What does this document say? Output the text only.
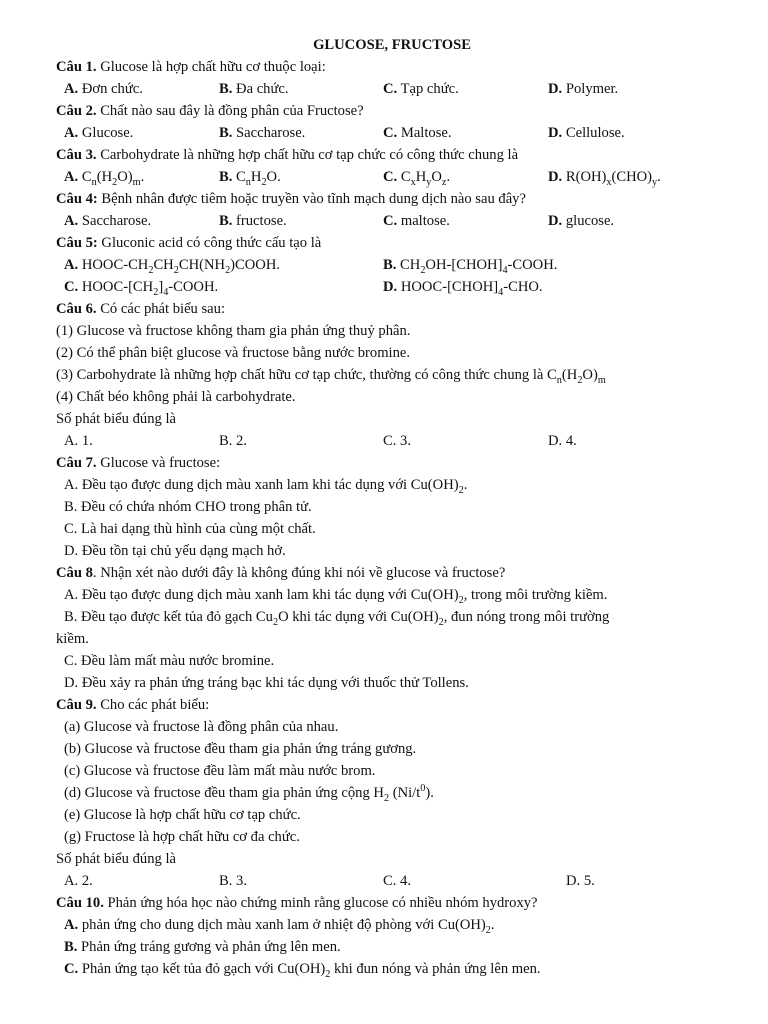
GLUCOSE, FRUCTOSE
Câu 1. Glucose là hợp chất hữu cơ thuộc loại:
A. Đơn chức.	B. Đa chức.	C. Tạp chức.	D. Polymer.
Câu 2. Chất nào sau đây là đồng phân của Fructose?
A. Glucose.	B. Saccharose.	C. Maltose.	D. Cellulose.
Câu 3. Carbohydrate là những hợp chất hữu cơ tạp chức có công thức chung là
A. $C_n(H_2O)_m$.	B. $C_nH_2O$.	C. $C_xH_yO_z$.	D. $R(OH)_x(CHO)_y$.
Câu 4: Bệnh nhân được tiêm hoặc truyền vào tĩnh mạch dung dịch nào sau đây?
A. Saccharose.	B. fructose.	C. maltose.	D. glucose.
Câu 5: Gluconic acid có công thức cấu tạo là
A. HOOC-$CH_2CH_2CH(NH_2)COOH$.	B. $CH_2OH-[CHOH]_4$-COOH.
C. HOOC-$[CH_2]_4$-COOH.	D. HOOC-$[CHOH]_4$-CHO.
Câu 6. Có các phát biểu sau:
(1) Glucose và fructose không tham gia phản ứng thuỷ phân.
(2) Có thể phân biệt glucose và fructose bằng nước bromine.
(3) Carbohydrate là những hợp chất hữu cơ tạp chức, thường có công thức chung là $C_n(H_2O)_m$
(4) Chất béo không phải là carbohydrate.
Số phát biểu đúng là
A. 1.	B. 2.	C. 3.	D. 4.
Câu 7. Glucose và fructose:
A. Đều tạo được dung dịch màu xanh lam khi tác dụng với $Cu(OH)_2$.
B. Đều có chứa nhóm CHO trong phân tử.
C. Là hai dạng thù hình của cùng một chất.
D. Đều tồn tại chủ yếu dạng mạch hở.
Câu 8. Nhận xét nào dưới đây là không đúng khi nói về glucose và fructose?
A. Đều tạo được dung dịch màu xanh lam khi tác dụng với $Cu(OH)_2$, trong môi trường kiềm.
B. Đều tạo được kết tủa đỏ gạch $Cu_2O$ khi tác dụng với $Cu(OH)_2$, đun nóng trong môi trường
kiềm.
C. Đều làm mất màu nước bromine.
D. Đều xảy ra phản ứng tráng bạc khi tác dụng với thuốc thử Tollens.
Câu 9. Cho các phát biểu:
(a) Glucose và fructose là đồng phân của nhau.
(b) Glucose và fructose đều tham gia phản ứng tráng gương.
(c) Glucose và fructose đều làm mất màu nước brom.
(d) Glucose và fructose đều tham gia phản ứng cộng $H_2$ $(Ni/t^0)$.
(e) Glucose là hợp chất hữu cơ tạp chức.
(g) Fructose là hợp chất hữu cơ đa chức.
Số phát biểu đúng là
A. 2.	B. 3.	C. 4.	D. 5.
Câu 10. Phản ứng hóa học nào chứng minh rằng glucose có nhiều nhóm hydroxy?
A. phản ứng cho dung dịch màu xanh lam ở nhiệt độ phòng với $Cu(OH)_2$.
B. Phản ứng tráng gương và phản ứng lên men.
C. Phản ứng tạo kết tủa đỏ gạch với $Cu(OH)_2$ khi đun nóng và phản ứng lên men.
